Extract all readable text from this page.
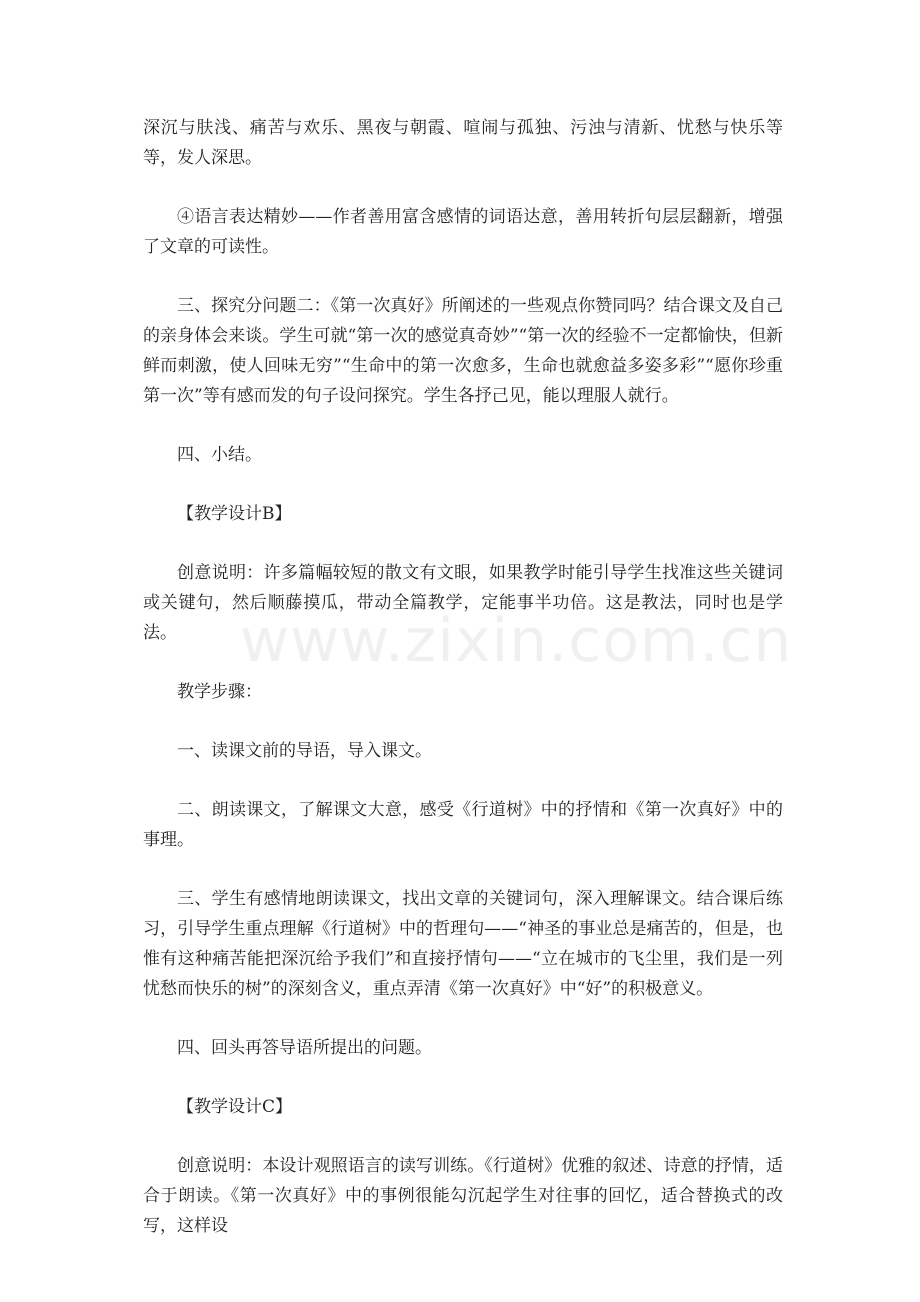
www.zixin.com.cn

深沉与肤浅、痛苦与欢乐、黑夜与朝霞、喧闹与孤独、污浊与清新、忧愁与快乐等等，发人深思。

④语言表达精妙——作者善用富含感情的词语达意，善用转折句层层翻新，增强了文章的可读性。

三、探究分问题二：《第一次真好》所阐述的一些观点你赞同吗？结合课文及自己的亲身体会来谈。学生可就“第一次的感觉真奇妙”“第一次的经验不一定都愉快，但新鲜而刺激，使人回味无穷”“生命中的第一次愈多，生命也就愈益多姿多彩”“愿你珍重第一次”等有感而发的句子设问探究。学生各抒己见，能以理服人就行。

四、小结。

【教学设计B】

创意说明：许多篇幅较短的散文有文眼，如果教学时能引导学生找准这些关键词或关键句，然后顺藤摸瓜，带动全篇教学，定能事半功倍。这是教法，同时也是学法。

教学步骤：

一、读课文前的导语，导入课文。

二、朗读课文，了解课文大意，感受《行道树》中的抒情和《第一次真好》中的事理。

三、学生有感情地朗读课文，找出文章的关键词句，深入理解课文。结合课后练习，引导学生重点理解《行道树》中的哲理句——“神圣的事业总是痛苦的，但是，也惟有这种痛苦能把深沉给予我们”和直接抒情句——“立在城市的飞尘里，我们是一列忧愁而快乐的树”的深刻含义，重点弄清《第一次真好》中“好”的积极意义。

四、回头再答导语所提出的问题。

【教学设计C】

创意说明：本设计观照语言的读写训练。《行道树》优雅的叙述、诗意的抒情，适合于朗读。《第一次真好》中的事例很能勾沉起学生对往事的回忆，适合替换式的改写，这样设
